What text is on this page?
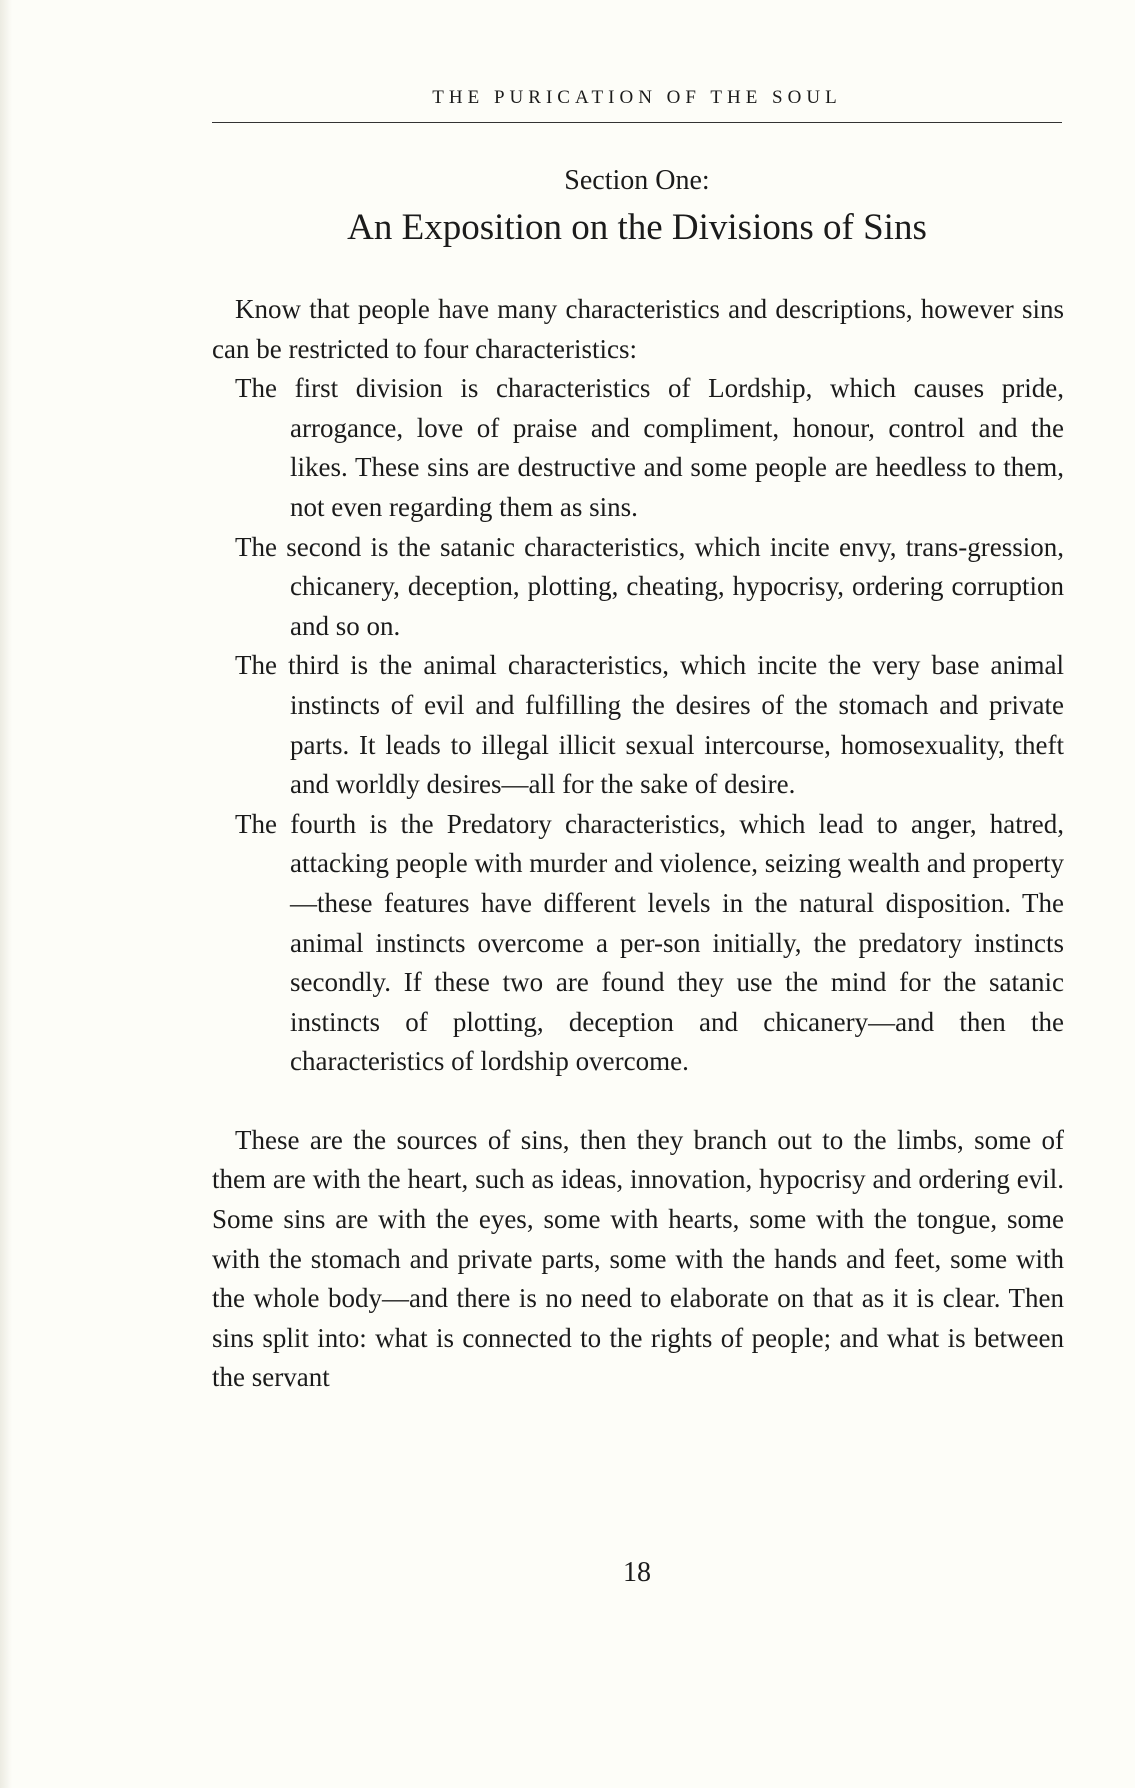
THE PURICATION OF THE SOUL
Section One:
An Exposition on the Divisions of Sins

Know that people have many characteristics and descriptions, however sins can be restricted to four characteristics:

The first division is characteristics of Lordship, which causes pride, arrogance, love of praise and compliment, honour, control and the likes. These sins are destructive and some people are heedless to them, not even regarding them as sins.

The second is the satanic characteristics, which incite envy, trans-gression, chicanery, deception, plotting, cheating, hypocrisy, ordering corruption and so on.

The third is the animal characteristics, which incite the very base animal instincts of evil and fulfilling the desires of the stomach and private parts. It leads to illegal illicit sexual intercourse, homosexuality, theft and worldly desires—all for the sake of desire.

The fourth is the Predatory characteristics, which lead to anger, hatred, attacking people with murder and violence, seizing wealth and property—these features have different levels in the natural disposition. The animal instincts overcome a per-son initially, the predatory instincts secondly. If these two are found they use the mind for the satanic instincts of plotting, deception and chicanery—and then the characteristics of lordship overcome.

These are the sources of sins, then they branch out to the limbs, some of them are with the heart, such as ideas, innovation, hypocrisy and ordering evil. Some sins are with the eyes, some with hearts, some with the tongue, some with the stomach and private parts, some with the hands and feet, some with the whole body—and there is no need to elaborate on that as it is clear. Then sins split into: what is connected to the rights of people; and what is between the servant

18
